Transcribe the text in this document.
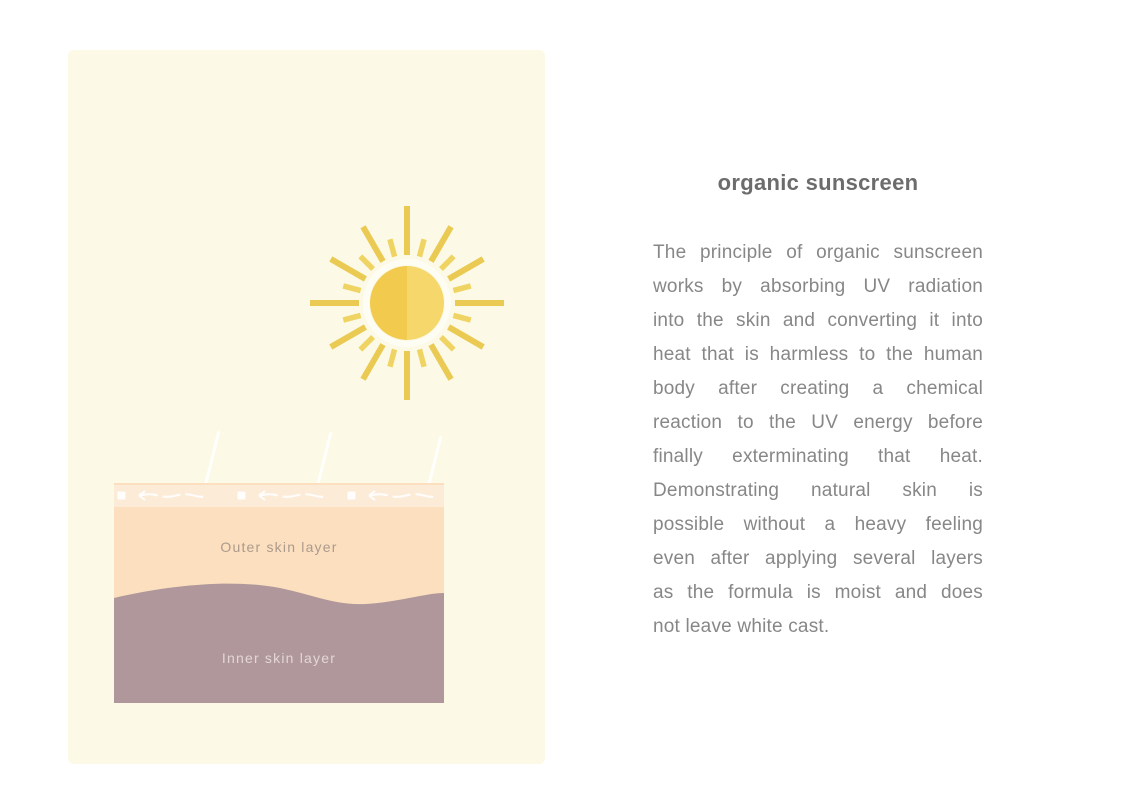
Outer skin layer
Inner skin layer
organic sunscreen
The principle of organic sunscreen
works by absorbing UV radiation
into the skin and converting it into
heat that is harmless to the human
body after creating a chemical
reaction to the UV energy before
finally exterminating that heat.
Demonstrating natural skin is
possible without a heavy feeling
even after applying several layers
as the formula is moist and does
not leave white cast.
